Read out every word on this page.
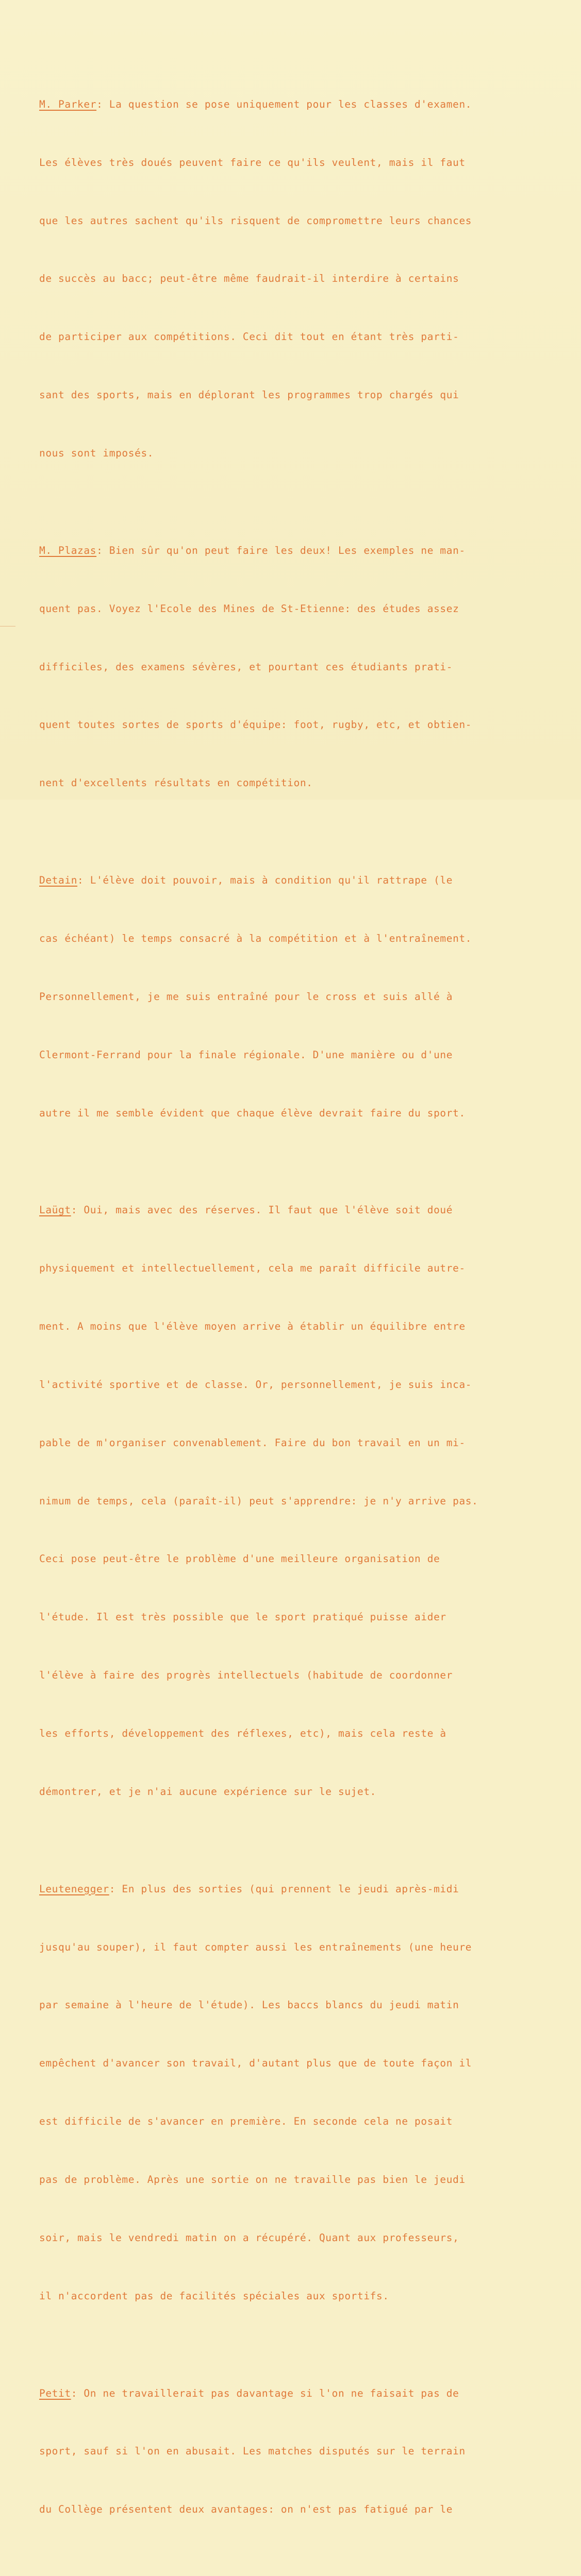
M. Parker: La question se pose uniquement pour les classes d'examen.

Les élèves très doués peuvent faire ce qu'ils veulent, mais il faut

que les autres sachent qu'ils risquent de compromettre leurs chances

de succès au bacc; peut-être même faudrait-il interdire à certains

de participer aux compétitions. Ceci dit tout en étant très parti-

sant des sports, mais en déplorant les programmes trop chargés qui

nous sont imposés.

M. Plazas: Bien sûr qu'on peut faire les deux! Les exemples ne man-

quent pas. Voyez l'Ecole des Mines de St-Etienne: des études assez

difficiles, des examens sévères, et pourtant ces étudiants prati-

quent toutes sortes de sports d'équipe: foot, rugby, etc, et obtien-

nent d'excellents résultats en compétition.

Detain: L'élève doit pouvoir, mais à condition qu'il rattrape (le

cas échéant) le temps consacré à la compétition et à l'entraînement.

Personnellement, je me suis entraîné pour le cross et suis allé à

Clermont-Ferrand pour la finale régionale. D'une manière ou d'une

autre il me semble évident que chaque élève devrait faire du sport.

Laügt: Oui, mais avec des réserves. Il faut que l'élève soit doué

physiquement et intellectuellement, cela me paraît difficile autre-

ment. A moins que l'élève moyen arrive à établir un équilibre entre

l'activité sportive et de classe. Or, personnellement, je suis inca-

pable de m'organiser convenablement. Faire du bon travail en un mi-

nimum de temps, cela (paraît-il) peut s'apprendre: je n'y arrive pas.

Ceci pose peut-être le problème d'une meilleure organisation de

l'étude. Il est très possible que le sport pratiqué puisse aider

l'élève à faire des progrès intellectuels (habitude de coordonner

les efforts, développement des réflexes, etc), mais cela reste à

démontrer, et je n'ai aucune expérience sur le sujet.

Leutenegger: En plus des sorties (qui prennent le jeudi après-midi

jusqu'au souper), il faut compter aussi les entraînements (une heure

par semaine à l'heure de l'étude). Les baccs blancs du jeudi matin

empêchent d'avancer son travail, d'autant plus que de toute façon il

est difficile de s'avancer en première. En seconde cela ne posait

pas de problème. Après une sortie on ne travaille pas bien le jeudi

soir, mais le vendredi matin on a récupéré. Quant aux professeurs,

il n'accordent pas de facilités spéciales aux sportifs.

Petit: On ne travaillerait pas davantage si l'on ne faisait pas de

sport, sauf si l'on en abusait. Les matches disputés sur le terrain

du Collège présentent deux avantages: on n'est pas fatigué par le
